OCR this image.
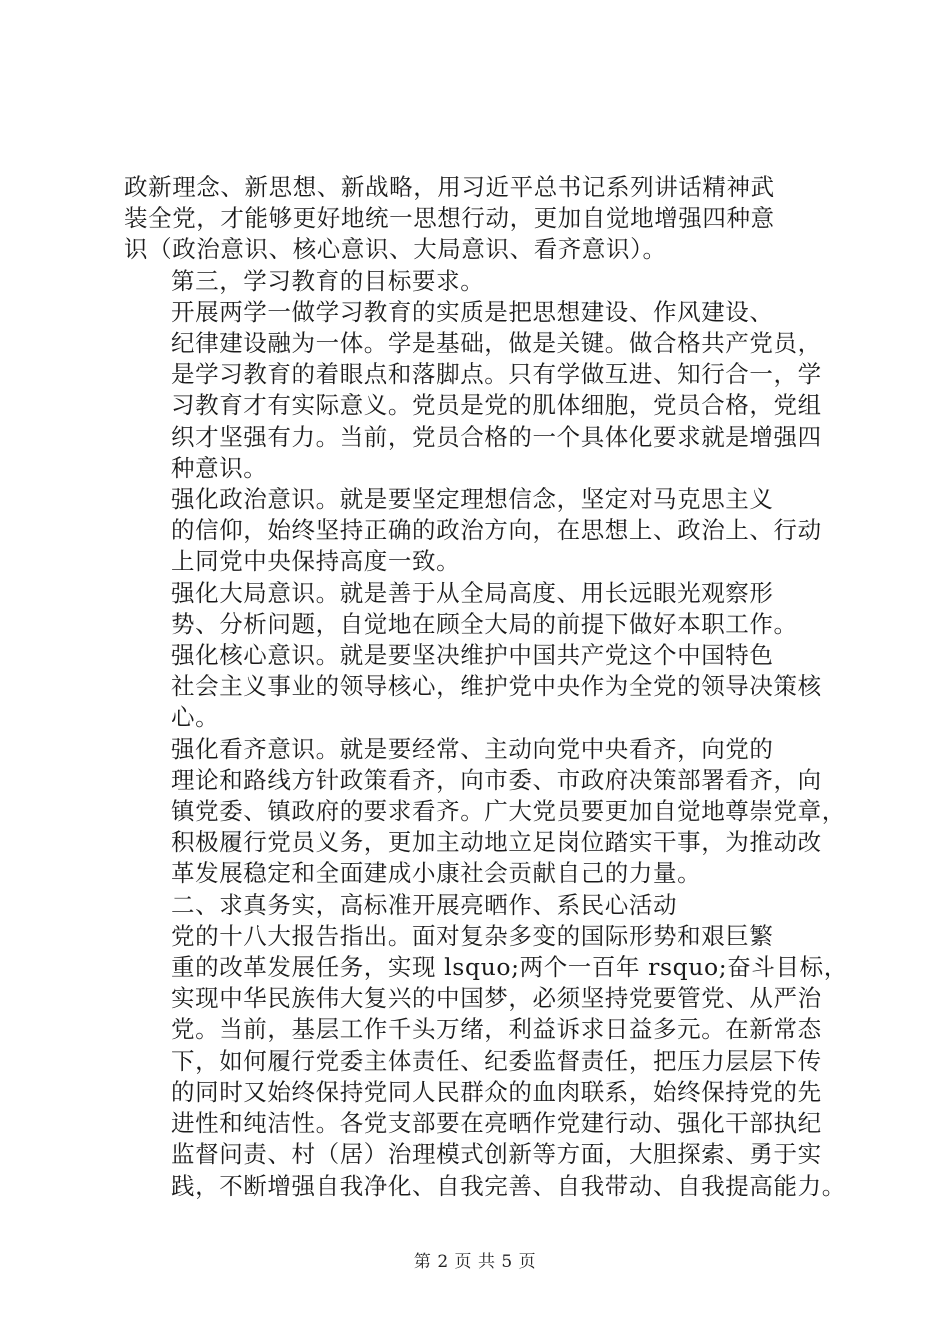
政新理念、新思想、新战略，用习近平总书记系列讲话精神武
装全党，才能够更好地统一思想行动，更加自觉地增强四种意
识（政治意识、核心意识、大局意识、看齐意识）。

第三，学习教育的目标要求。

开展两学一做学习教育的实质是把思想建设、作风建设、
纪律建设融为一体。学是基础，做是关键。做合格共产党员，
是学习教育的着眼点和落脚点。只有学做互进、知行合一，学
习教育才有实际意义。党员是党的肌体细胞，党员合格，党组
织才坚强有力。当前，党员合格的一个具体化要求就是增强四
种意识。

强化政治意识。就是要坚定理想信念，坚定对马克思主义
的信仰，始终坚持正确的政治方向，在思想上、政治上、行动
上同党中央保持高度一致。

强化大局意识。就是善于从全局高度、用长远眼光观察形
势、分析问题，自觉地在顾全大局的前提下做好本职工作。

强化核心意识。就是要坚决维护中国共产党这个中国特色
社会主义事业的领导核心，维护党中央作为全党的领导决策核
心。

强化看齐意识。就是要经常、主动向党中央看齐，向党的
理论和路线方针政策看齐，向市委、市政府决策部署看齐，向
镇党委、镇政府的要求看齐。广大党员要更加自觉地尊崇党章，
积极履行党员义务，更加主动地立足岗位踏实干事，为推动改
革发展稳定和全面建成小康社会贡献自己的力量。

二、求真务实，高标准开展亮晒作、系民心活动

党的十八大报告指出。面对复杂多变的国际形势和艰巨繁
重的改革发展任务，实现 lsquo;两个一百年 rsquo;奋斗目标，
实现中华民族伟大复兴的中国梦，必须坚持党要管党、从严治
党。当前，基层工作千头万绪，利益诉求日益多元。在新常态
下，如何履行党委主体责任、纪委监督责任，把压力层层下传
的同时又始终保持党同人民群众的血肉联系，始终保持党的先
进性和纯洁性。各党支部要在亮晒作党建行动、强化干部执纪
监督问责、村（居）治理模式创新等方面，大胆探索、勇于实
践，不断增强自我净化、自我完善、自我带动、自我提高能力。

第 2 页 共 5 页
